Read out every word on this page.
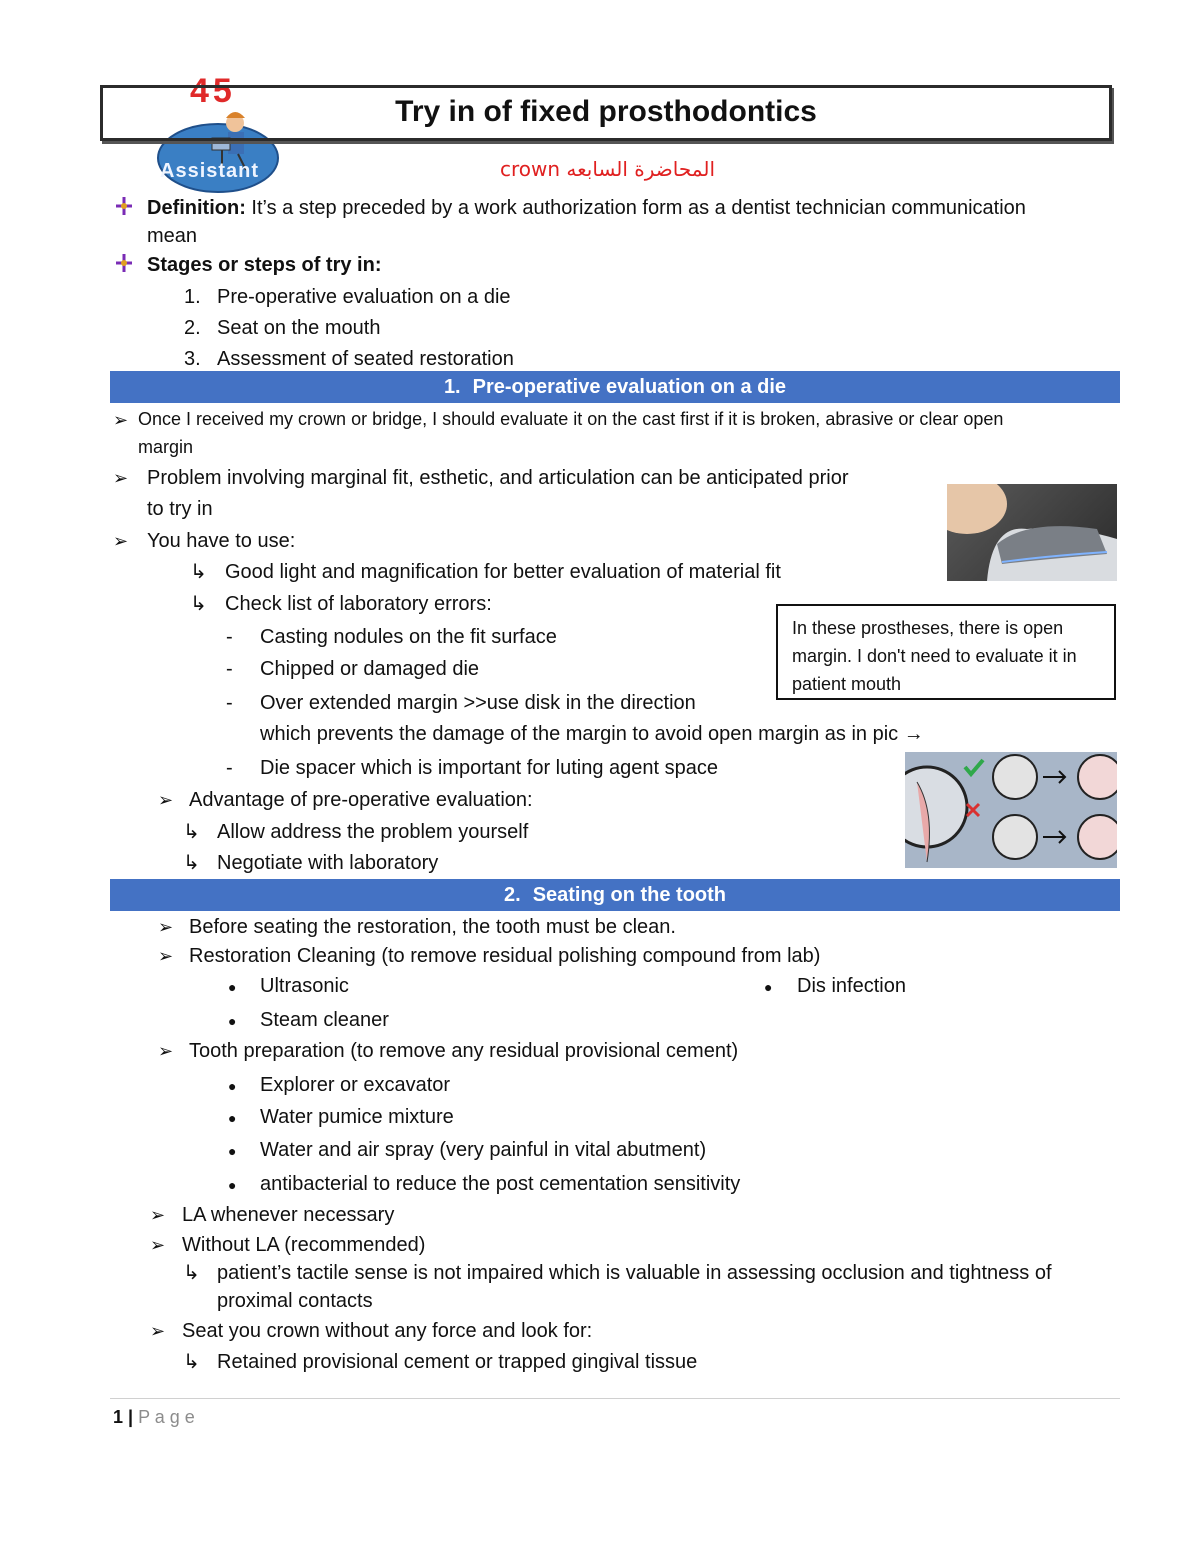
45
Assistant
Try in of fixed prosthodontics
crown المحاضرة السابعه
Definition: It’s a step preceded by a work authorization form as a dentist technician communication
mean
Stages or steps of try in:
1. Pre-operative evaluation on a die
2. Seat on the mouth
3. Assessment of seated restoration
1. Pre-operative evaluation on a die
➢ Once I received my crown or bridge, I should evaluate it on the cast first if it is broken, abrasive or clear open
margin
➢ Problem involving marginal fit, esthetic, and articulation can be anticipated prior
to try in
➢ You have to use:
↳ Good light and magnification for better evaluation of material fit
↳ Check list of laboratory errors:
- Casting nodules on the fit surface
- Chipped or damaged die
- Over extended margin >>use disk in the direction
which prevents the damage of the margin to avoid open margin as in pic →
- Die spacer which is important for luting agent space
In these prostheses, there is open margin. I don't need to evaluate it in patient mouth
➢ Advantage of pre-operative evaluation:
↳ Allow address the problem yourself
↳ Negotiate with laboratory
2. Seating on the tooth
➢ Before seating the restoration, the tooth must be clean.
➢ Restoration Cleaning (to remove residual polishing compound from lab)
● Ultrasonic	● Dis infection
● Steam cleaner
➢ Tooth preparation (to remove any residual provisional cement)
● Explorer or excavator
● Water pumice mixture
● Water and air spray (very painful in vital abutment)
● antibacterial to reduce the post cementation sensitivity
➢ LA whenever necessary
➢ Without LA (recommended)
↳ patient’s tactile sense is not impaired which is valuable in assessing occlusion and tightness of
proximal contacts
➢ Seat you crown without any force and look for:
↳ Retained provisional cement or trapped gingival tissue
1 | P a g e
